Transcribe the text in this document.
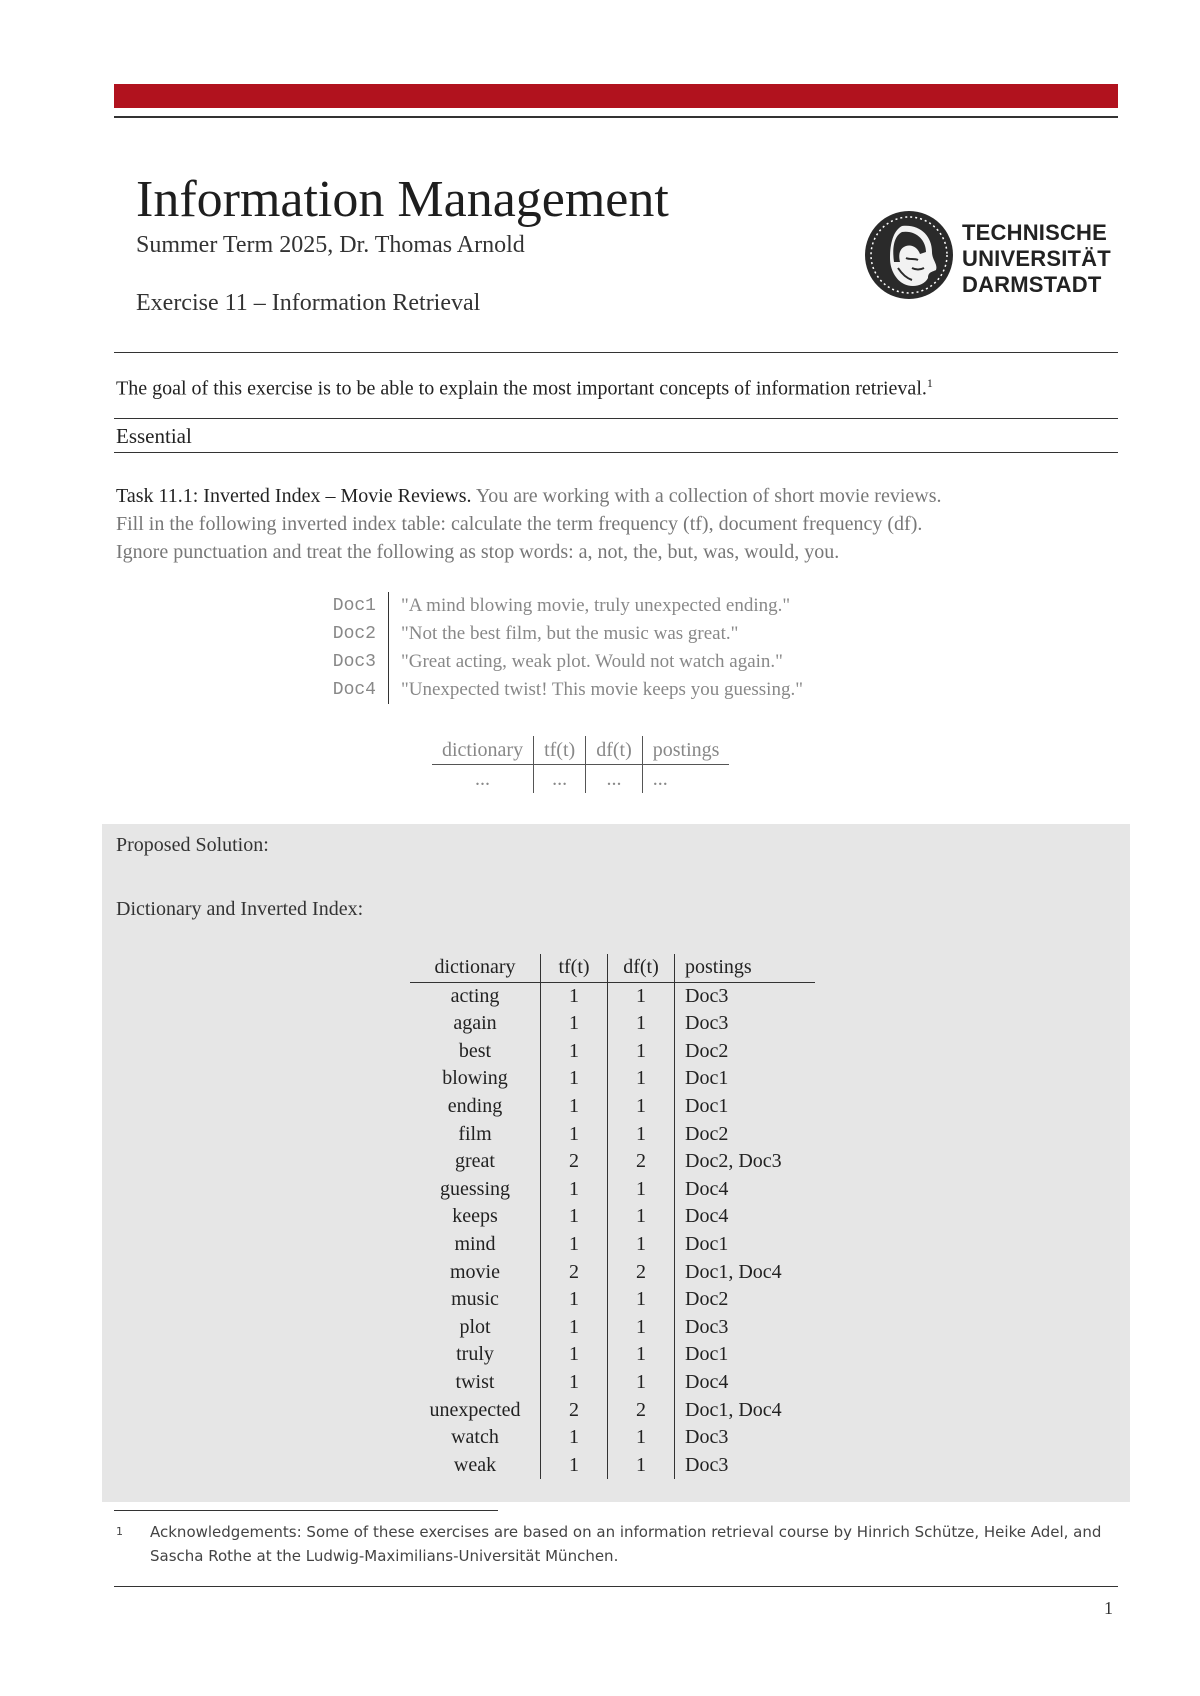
Information Management
Summer Term 2025, Dr. Thomas Arnold
Exercise 11 – Information Retrieval
TECHNISCHE
UNIVERSITÄT
DARMSTADT
The goal of this exercise is to be able to explain the most important concepts of information retrieval.$^1$
Essential
Task 11.1: Inverted Index – Movie Reviews. You are working with a collection of short movie reviews.
Fill in the following inverted index table: calculate the term frequency (tf), document frequency (df).
Ignore punctuation and treat the following as stop words: a, not, the, but, was, would, you.
Doc1	"A mind blowing movie, truly unexpected ending."
Doc2	"Not the best film, but the music was great."
Doc3	"Great acting, weak plot. Would not watch again."
Doc4	"Unexpected twist! This movie keeps you guessing."
dictionary	tf(t)	df(t)	postings
...	...	...	...
Proposed Solution:
Dictionary and Inverted Index:
dictionary	tf(t)	df(t)	postings
acting	1	1	Doc3
again	1	1	Doc3
best	1	1	Doc2
blowing	1	1	Doc1
ending	1	1	Doc1
film	1	1	Doc2
great	2	2	Doc2, Doc3
guessing	1	1	Doc4
keeps	1	1	Doc4
mind	1	1	Doc1
movie	2	2	Doc1, Doc4
music	1	1	Doc2
plot	1	1	Doc3
truly	1	1	Doc1
twist	1	1	Doc4
unexpected	2	2	Doc1, Doc4
watch	1	1	Doc3
weak	1	1	Doc3
1 Acknowledgements: Some of these exercises are based on an information retrieval course by Hinrich Schütze, Heike Adel, and Sascha Rothe at the Ludwig-Maximilians-Universität München.
1
